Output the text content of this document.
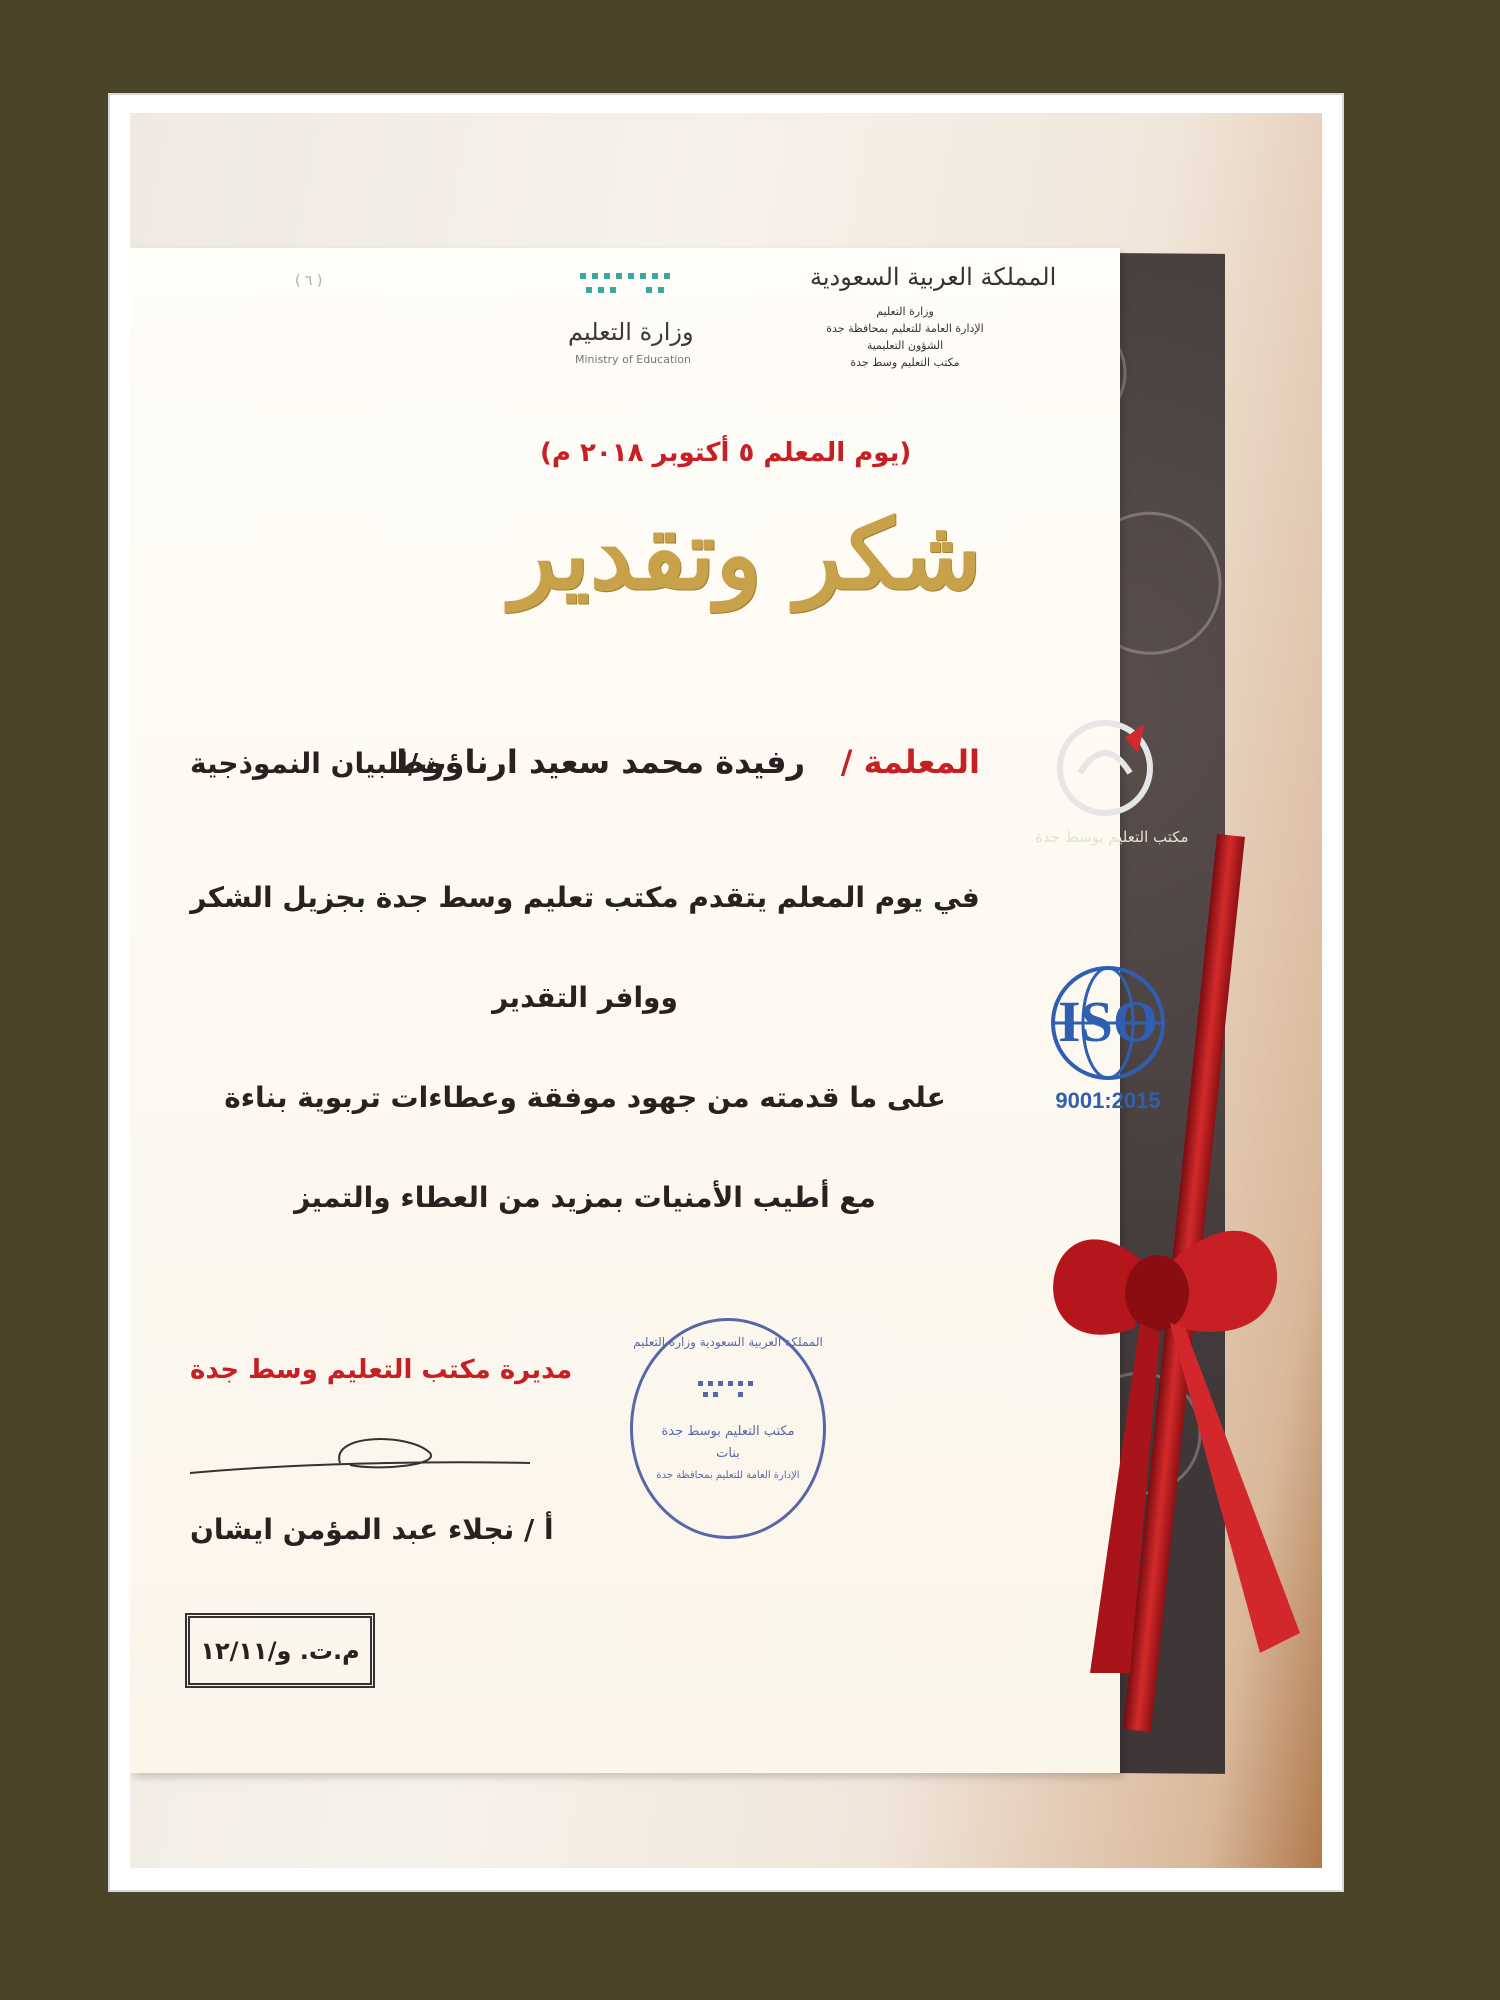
مكتب التعليم بوسط جدة
ISO
9001:2015
المملكة العربية السعودية
وزارة التعليم
الإدارة العامة للتعليم بمحافظة جدة
الشؤون التعليمية
مكتب التعليم وسط جدة
وزارة التعليم
Ministry of Education
( ٦ )
(يوم المعلم ٥ أكتوبر ٢٠١٨ م)
شكر وتقدير
المعلمة /
رفيدة محمد سعيد ارناؤوط
ث/البيان النموذجية
في يوم المعلم يتقدم مكتب تعليم وسط جدة بجزيل الشكر ووافر التقدير
على ما قدمته من جهود موفقة وعطاءات تربوية بناءة
مع أطيب الأمنيات بمزيد من العطاء والتميز
مديرة مكتب التعليم وسط جدة
أ / نجلاء عبد المؤمن ايشان
م.ت. و/١٢/١١
المملكة العربية السعودية وزارة التعليم
مكتب التعليم بوسط جدة
بنات
الإدارة العامة للتعليم بمحافظة جدة
